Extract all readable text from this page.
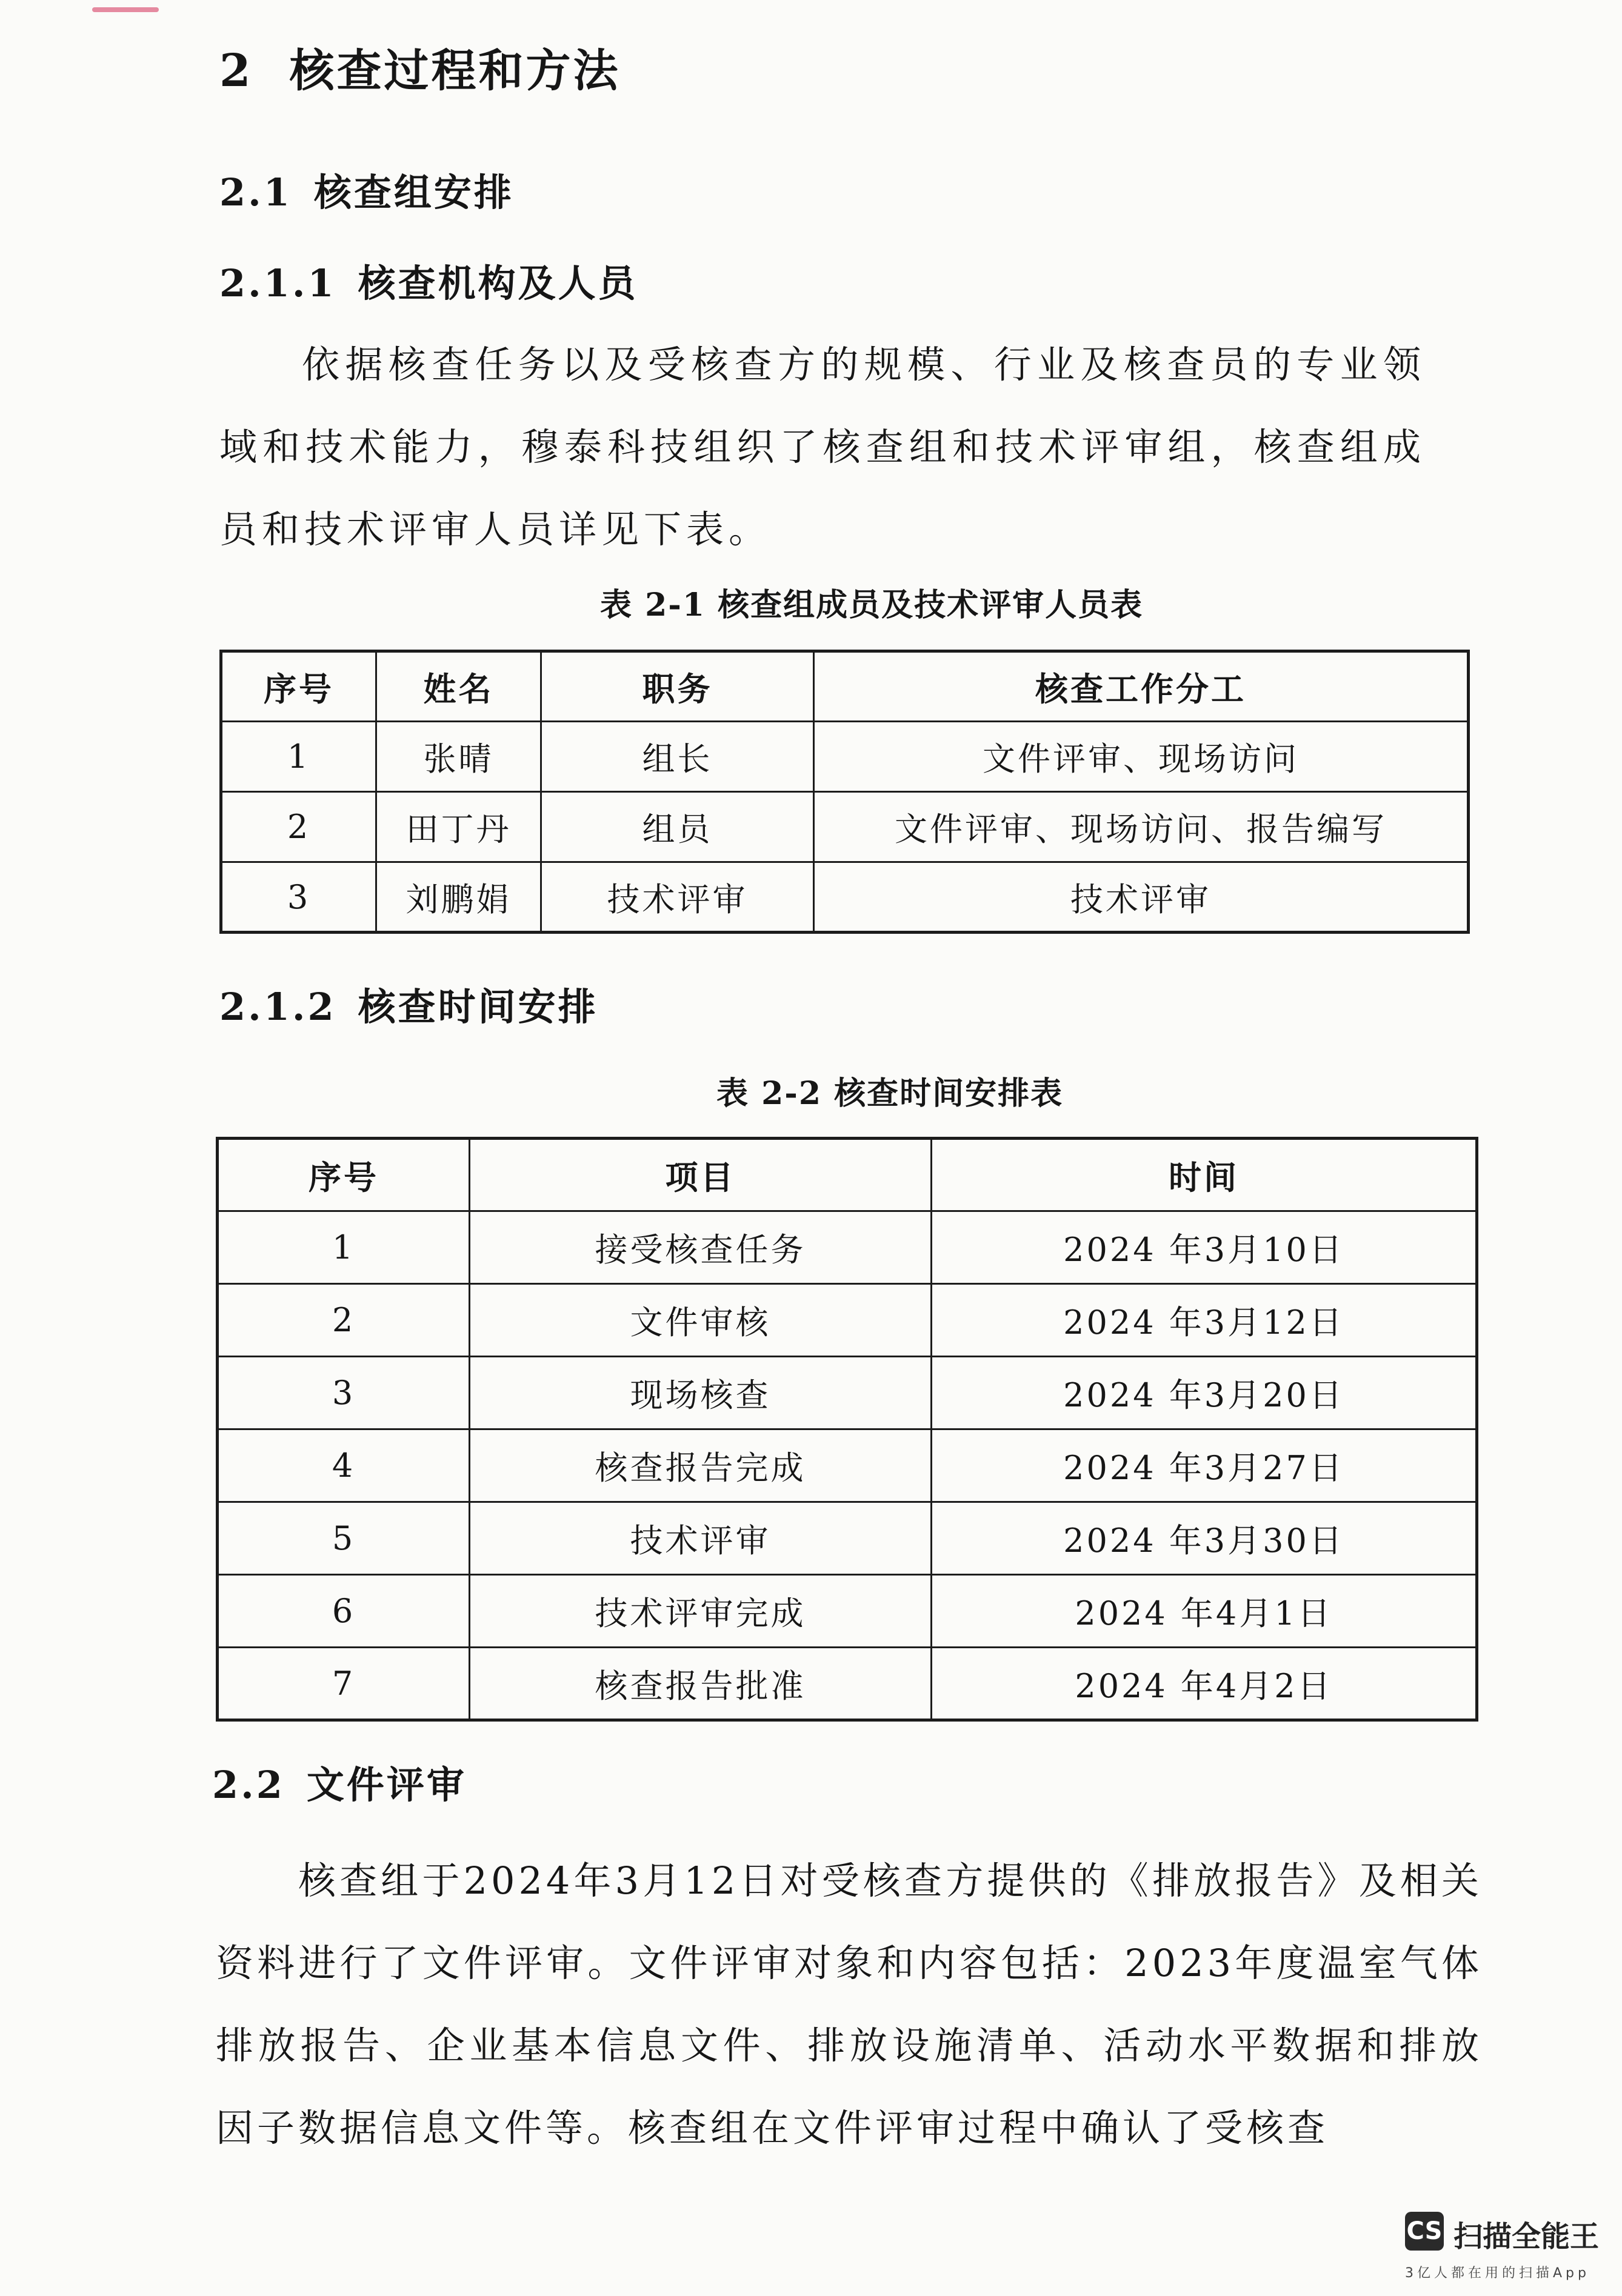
2 核查过程和方法
2.1 核查组安排
2.1.1 核查机构及人员
依据核查任务以及受核查方的规模、行业及核查员的专业领域和技术能力，穆泰科技组织了核查组和技术评审组，核查组成员和技术评审人员详见下表。
表 2-1 核查组成员及技术评审人员表
序号	姓名	职务	核查工作分工
1	张晴	组长	文件评审、现场访问
2	田丁丹	组员	文件评审、现场访问、报告编写
3	刘鹏娟	技术评审	技术评审
2.1.2 核查时间安排
表 2-2 核查时间安排表
序号	项目	时间
1	接受核查任务	2024 年3月10日
2	文件审核	2024 年3月12日
3	现场核查	2024 年3月20日
4	核查报告完成	2024 年3月27日
5	技术评审	2024 年3月30日
6	技术评审完成	2024 年4月1日
7	核查报告批准	2024 年4月2日
2.2 文件评审
核查组于2024年3月12日对受核查方提供的《排放报告》及相关资料进行了文件评审。文件评审对象和内容包括：2023年度温室气体排放报告、企业基本信息文件、排放设施清单、活动水平数据和排放因子数据信息文件等。核查组在文件评审过程中确认了受核查
CS 扫描全能王
3亿人都在用的扫描App
